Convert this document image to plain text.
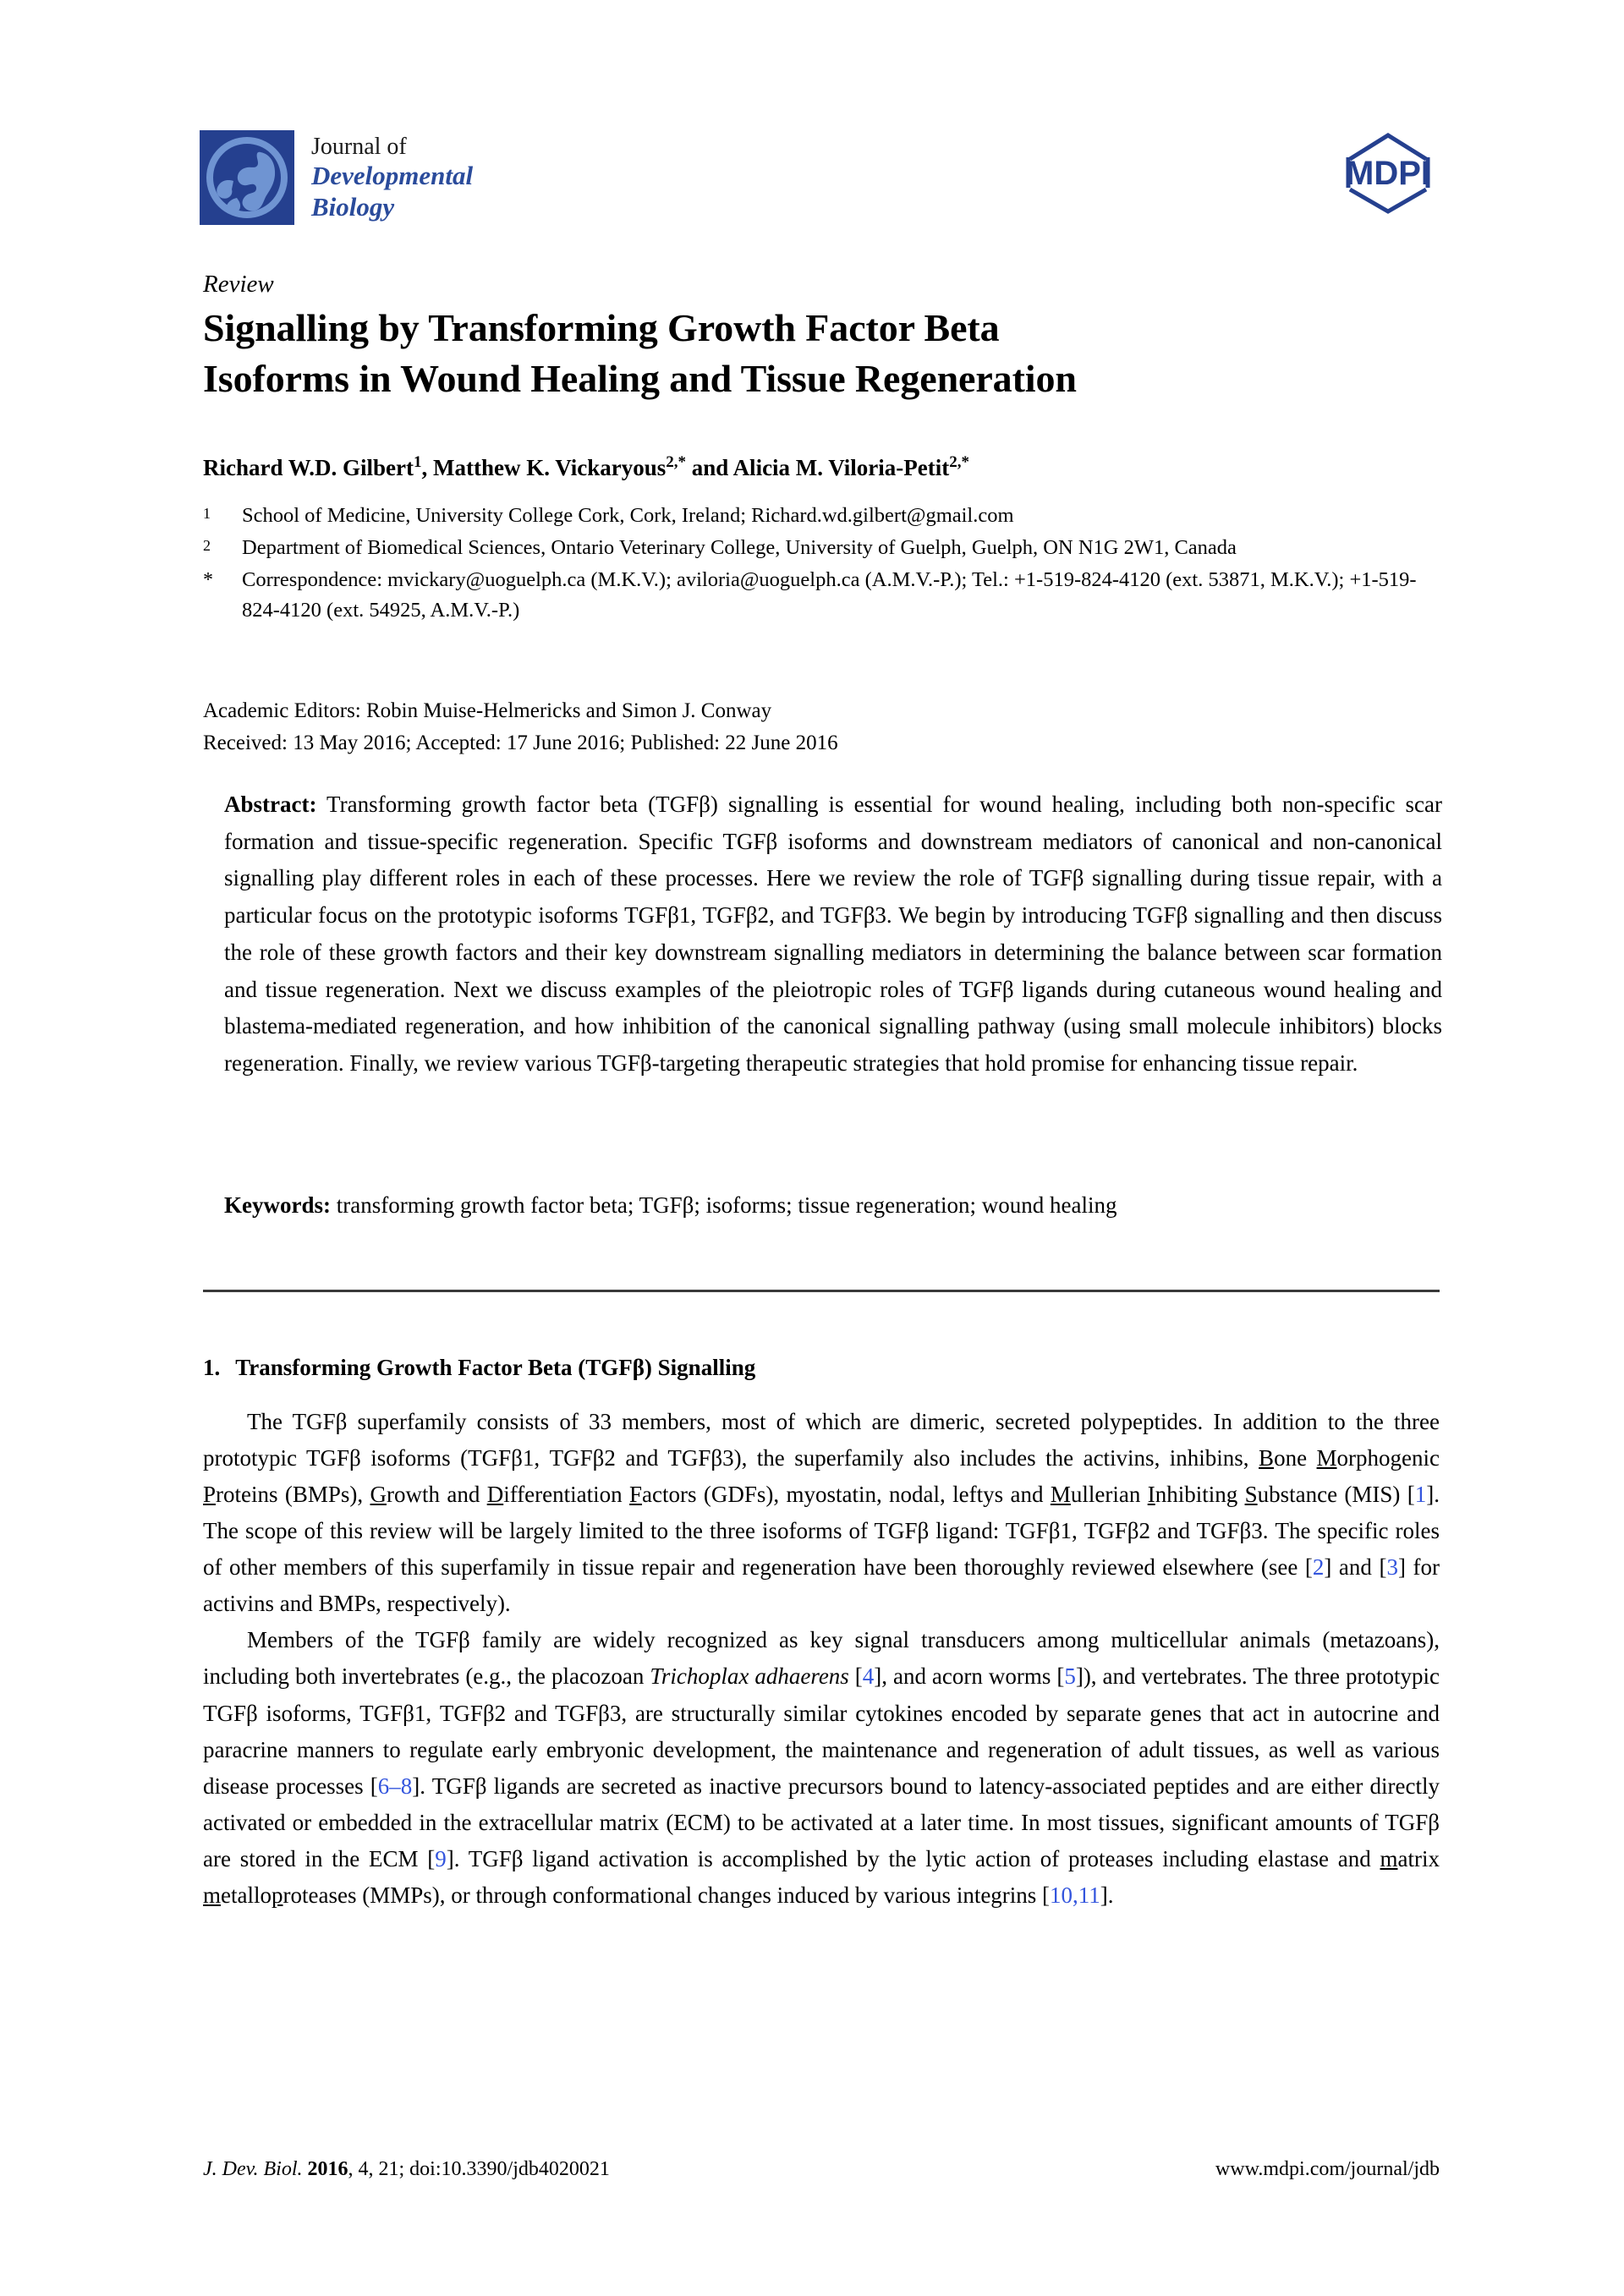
Journal of
Developmental
Biology
MDPI
Review
Signalling by Transforming Growth Factor Beta
Isoforms in Wound Healing and Tissue Regeneration
Richard W.D. Gilbert$^1$, Matthew K. Vickaryous$^{2,*}$ and Alicia M. Viloria-Petit$^{2,*}$
1	School of Medicine, University College Cork, Cork, Ireland; Richard.wd.gilbert@gmail.com
2	Department of Biomedical Sciences, Ontario Veterinary College, University of Guelph, Guelph, ON N1G 2W1, Canada
*	Correspondence: mvickary@uoguelph.ca (M.K.V.); aviloria@uoguelph.ca (A.M.V.-P.); Tel.: +1-519-824-4120 (ext. 53871, M.K.V.); +1-519-824-4120 (ext. 54925, A.M.V.-P.)
Academic Editors: Robin Muise-Helmericks and Simon J. Conway
Received: 13 May 2016; Accepted: 17 June 2016; Published: 22 June 2016
Abstract: Transforming growth factor beta (TGFβ) signalling is essential for wound healing, including both non-specific scar formation and tissue-specific regeneration. Specific TGFβ isoforms and downstream mediators of canonical and non-canonical signalling play different roles in each of these processes. Here we review the role of TGFβ signalling during tissue repair, with a particular focus on the prototypic isoforms TGFβ1, TGFβ2, and TGFβ3. We begin by introducing TGFβ signalling and then discuss the role of these growth factors and their key downstream signalling mediators in determining the balance between scar formation and tissue regeneration. Next we discuss examples of the pleiotropic roles of TGFβ ligands during cutaneous wound healing and blastema-mediated regeneration, and how inhibition of the canonical signalling pathway (using small molecule inhibitors) blocks regeneration. Finally, we review various TGFβ-targeting therapeutic strategies that hold promise for enhancing tissue repair.
Keywords: transforming growth factor beta; TGFβ; isoforms; tissue regeneration; wound healing
1. Transforming Growth Factor Beta (TGFβ) Signalling

The TGFβ superfamily consists of 33 members, most of which are dimeric, secreted polypeptides. In addition to the three prototypic TGFβ isoforms (TGFβ1, TGFβ2 and TGFβ3), the superfamily also includes the activins, inhibins, Bone Morphogenic Proteins (BMPs), Growth and Differentiation Factors (GDFs), myostatin, nodal, leftys and Mullerian Inhibiting Substance (MIS) [1]. The scope of this review will be largely limited to the three isoforms of TGFβ ligand: TGFβ1, TGFβ2 and TGFβ3. The specific roles of other members of this superfamily in tissue repair and regeneration have been thoroughly reviewed elsewhere (see [2] and [3] for activins and BMPs, respectively).

Members of the TGFβ family are widely recognized as key signal transducers among multicellular animals (metazoans), including both invertebrates (e.g., the placozoan Trichoplax adhaerens [4], and acorn worms [5]), and vertebrates. The three prototypic TGFβ isoforms, TGFβ1, TGFβ2 and TGFβ3, are structurally similar cytokines encoded by separate genes that act in autocrine and paracrine manners to regulate early embryonic development, the maintenance and regeneration of adult tissues, as well as various disease processes [6–8]. TGFβ ligands are secreted as inactive precursors bound to latency-associated peptides and are either directly activated or embedded in the extracellular matrix (ECM) to be activated at a later time. In most tissues, significant amounts of TGFβ are stored in the ECM [9]. TGFβ ligand activation is accomplished by the lytic action of proteases including elastase and matrix metalloproteases (MMPs), or through conformational changes induced by various integrins [10,11].

J. Dev. Biol. 2016, 4, 21; doi:10.3390/jdb4020021	www.mdpi.com/journal/jdb
